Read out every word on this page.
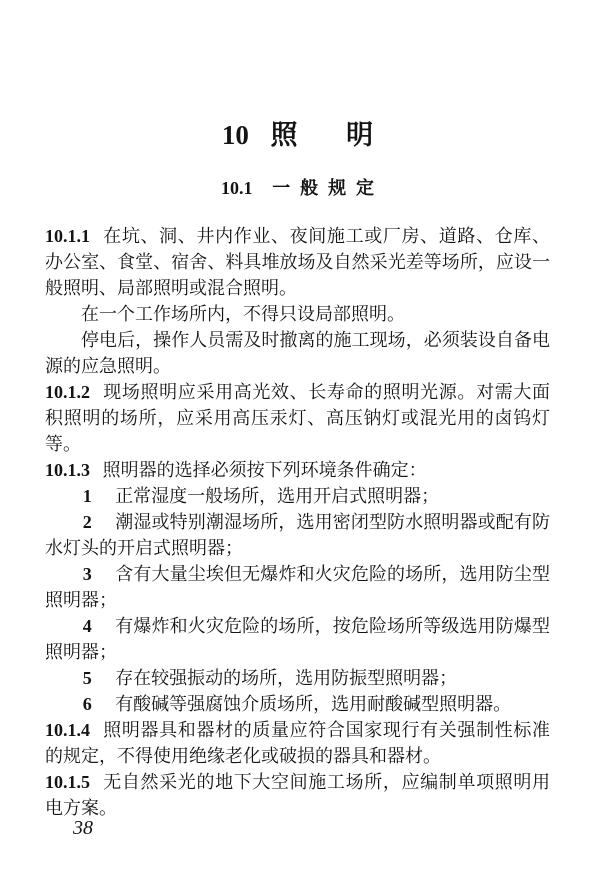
10 照明
10.1 一般规定

10.1.1 在坑、洞、井内作业、夜间施工或厂房、道路、仓库、办公室、食堂、宿舍、料具堆放场及自然采光差等场所，应设一般照明、局部照明或混合照明。

在一个工作场所内，不得只设局部照明。

停电后，操作人员需及时撤离的施工现场，必须装设自备电源的应急照明。

10.1.2 现场照明应采用高光效、长寿命的照明光源。对需大面积照明的场所，应采用高压汞灯、高压钠灯或混光用的卤钨灯等。

10.1.3 照明器的选择必须按下列环境条件确定：

1 正常湿度一般场所，选用开启式照明器；

2 潮湿或特别潮湿场所，选用密闭型防水照明器或配有防水灯头的开启式照明器；

3 含有大量尘埃但无爆炸和火灾危险的场所，选用防尘型照明器；

4 有爆炸和火灾危险的场所，按危险场所等级选用防爆型照明器；

5 存在较强振动的场所，选用防振型照明器；

6 有酸碱等强腐蚀介质场所，选用耐酸碱型照明器。

10.1.4 照明器具和器材的质量应符合国家现行有关强制性标准的规定，不得使用绝缘老化或破损的器具和器材。

10.1.5 无自然采光的地下大空间施工场所，应编制单项照明用电方案。

38
